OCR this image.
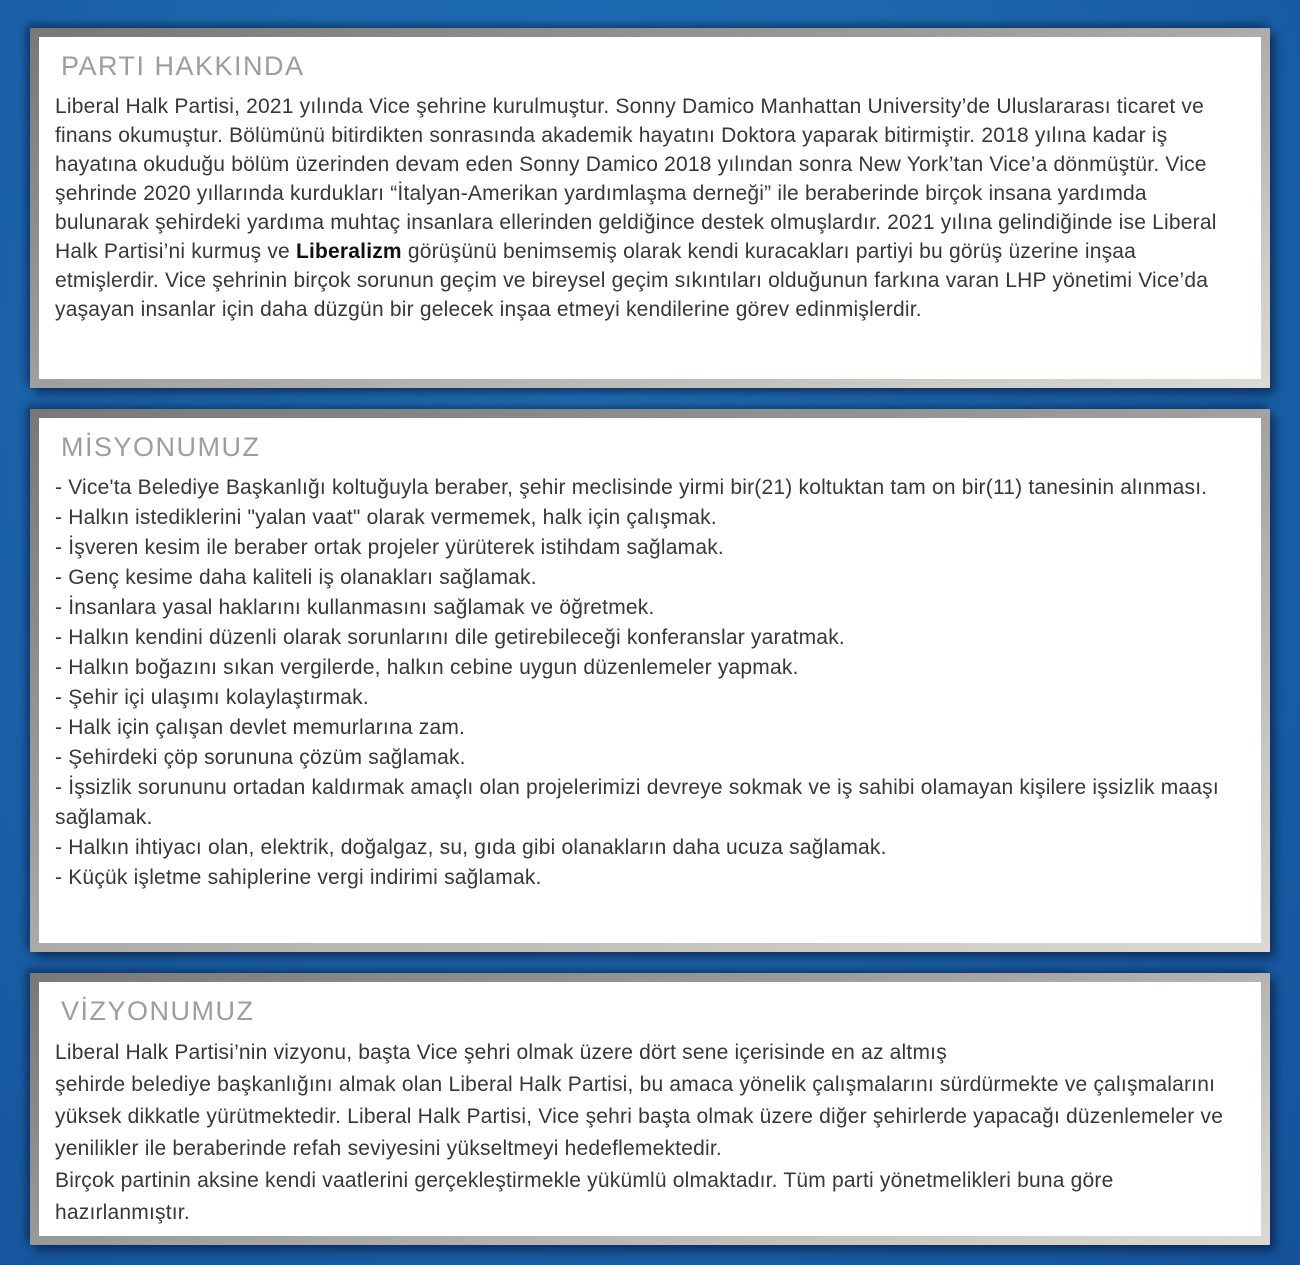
PARTI HAKKINDA

Liberal Halk Partisi, 2021 yılında Vice şehrine kurulmuştur. Sonny Damico Manhattan University’de Uluslararası ticaret ve finans okumuştur. Bölümünü bitirdikten sonrasında akademik hayatını Doktora yaparak bitirmiştir. 2018 yılına kadar iş hayatına okuduğu bölüm üzerinden devam eden Sonny Damico 2018 yılından sonra New York’tan Vice’a dönmüştür. Vice şehrinde 2020 yıllarında kurdukları “İtalyan-Amerikan yardımlaşma derneği” ile beraberinde birçok insana yardımda bulunarak şehirdeki yardıma muhtaç insanlara ellerinden geldiğince destek olmuşlardır. 2021 yılına gelindiğinde ise Liberal Halk Partisi’ni kurmuş ve Liberalizm görüşünü benimsemiş olarak kendi kuracakları partiyi bu görüş üzerine inşaa etmişlerdir. Vice şehrinin birçok sorunun geçim ve bireysel geçim sıkıntıları olduğunun farkına varan LHP yönetimi Vice’da yaşayan insanlar için daha düzgün bir gelecek inşaa etmeyi kendilerine görev edinmişlerdir.

MİSYONUMUZ
- Vice'ta Belediye Başkanlığı koltuğuyla beraber, şehir meclisinde yirmi bir(21) koltuktan tam on bir(11) tanesinin alınması.
- Halkın istediklerini "yalan vaat" olarak vermemek, halk için çalışmak.
- İşveren kesim ile beraber ortak projeler yürüterek istihdam sağlamak.
- Genç kesime daha kaliteli iş olanakları sağlamak.
- İnsanlara yasal haklarını kullanmasını sağlamak ve öğretmek.
- Halkın kendini düzenli olarak sorunlarını dile getirebileceği konferanslar yaratmak.
- Halkın boğazını sıkan vergilerde, halkın cebine uygun düzenlemeler yapmak.
- Şehir içi ulaşımı kolaylaştırmak.
- Halk için çalışan devlet memurlarına zam.
- Şehirdeki çöp sorununa çözüm sağlamak.
- İşsizlik sorununu ortadan kaldırmak amaçlı olan projelerimizi devreye sokmak ve iş sahibi olamayan kişilere işsizlik maaşı sağlamak.
- Halkın ihtiyacı olan, elektrik, doğalgaz, su, gıda gibi olanakların daha ucuza sağlamak.
- Küçük işletme sahiplerine vergi indirimi sağlamak.
VİZYONUMUZ
Liberal Halk Partisi’nin vizyonu, başta Vice şehri olmak üzere dört sene içerisinde en az altmış
şehirde belediye başkanlığını almak olan Liberal Halk Partisi, bu amaca yönelik çalışmalarını sürdürmekte ve çalışmalarını yüksek dikkatle yürütmektedir. Liberal Halk Partisi, Vice şehri başta olmak üzere diğer şehirlerde yapacağı düzenlemeler ve yenilikler ile beraberinde refah seviyesini yükseltmeyi hedeflemektedir.
Birçok partinin aksine kendi vaatlerini gerçekleştirmekle yükümlü olmaktadır. Tüm parti yönetmelikleri buna göre hazırlanmıştır.
